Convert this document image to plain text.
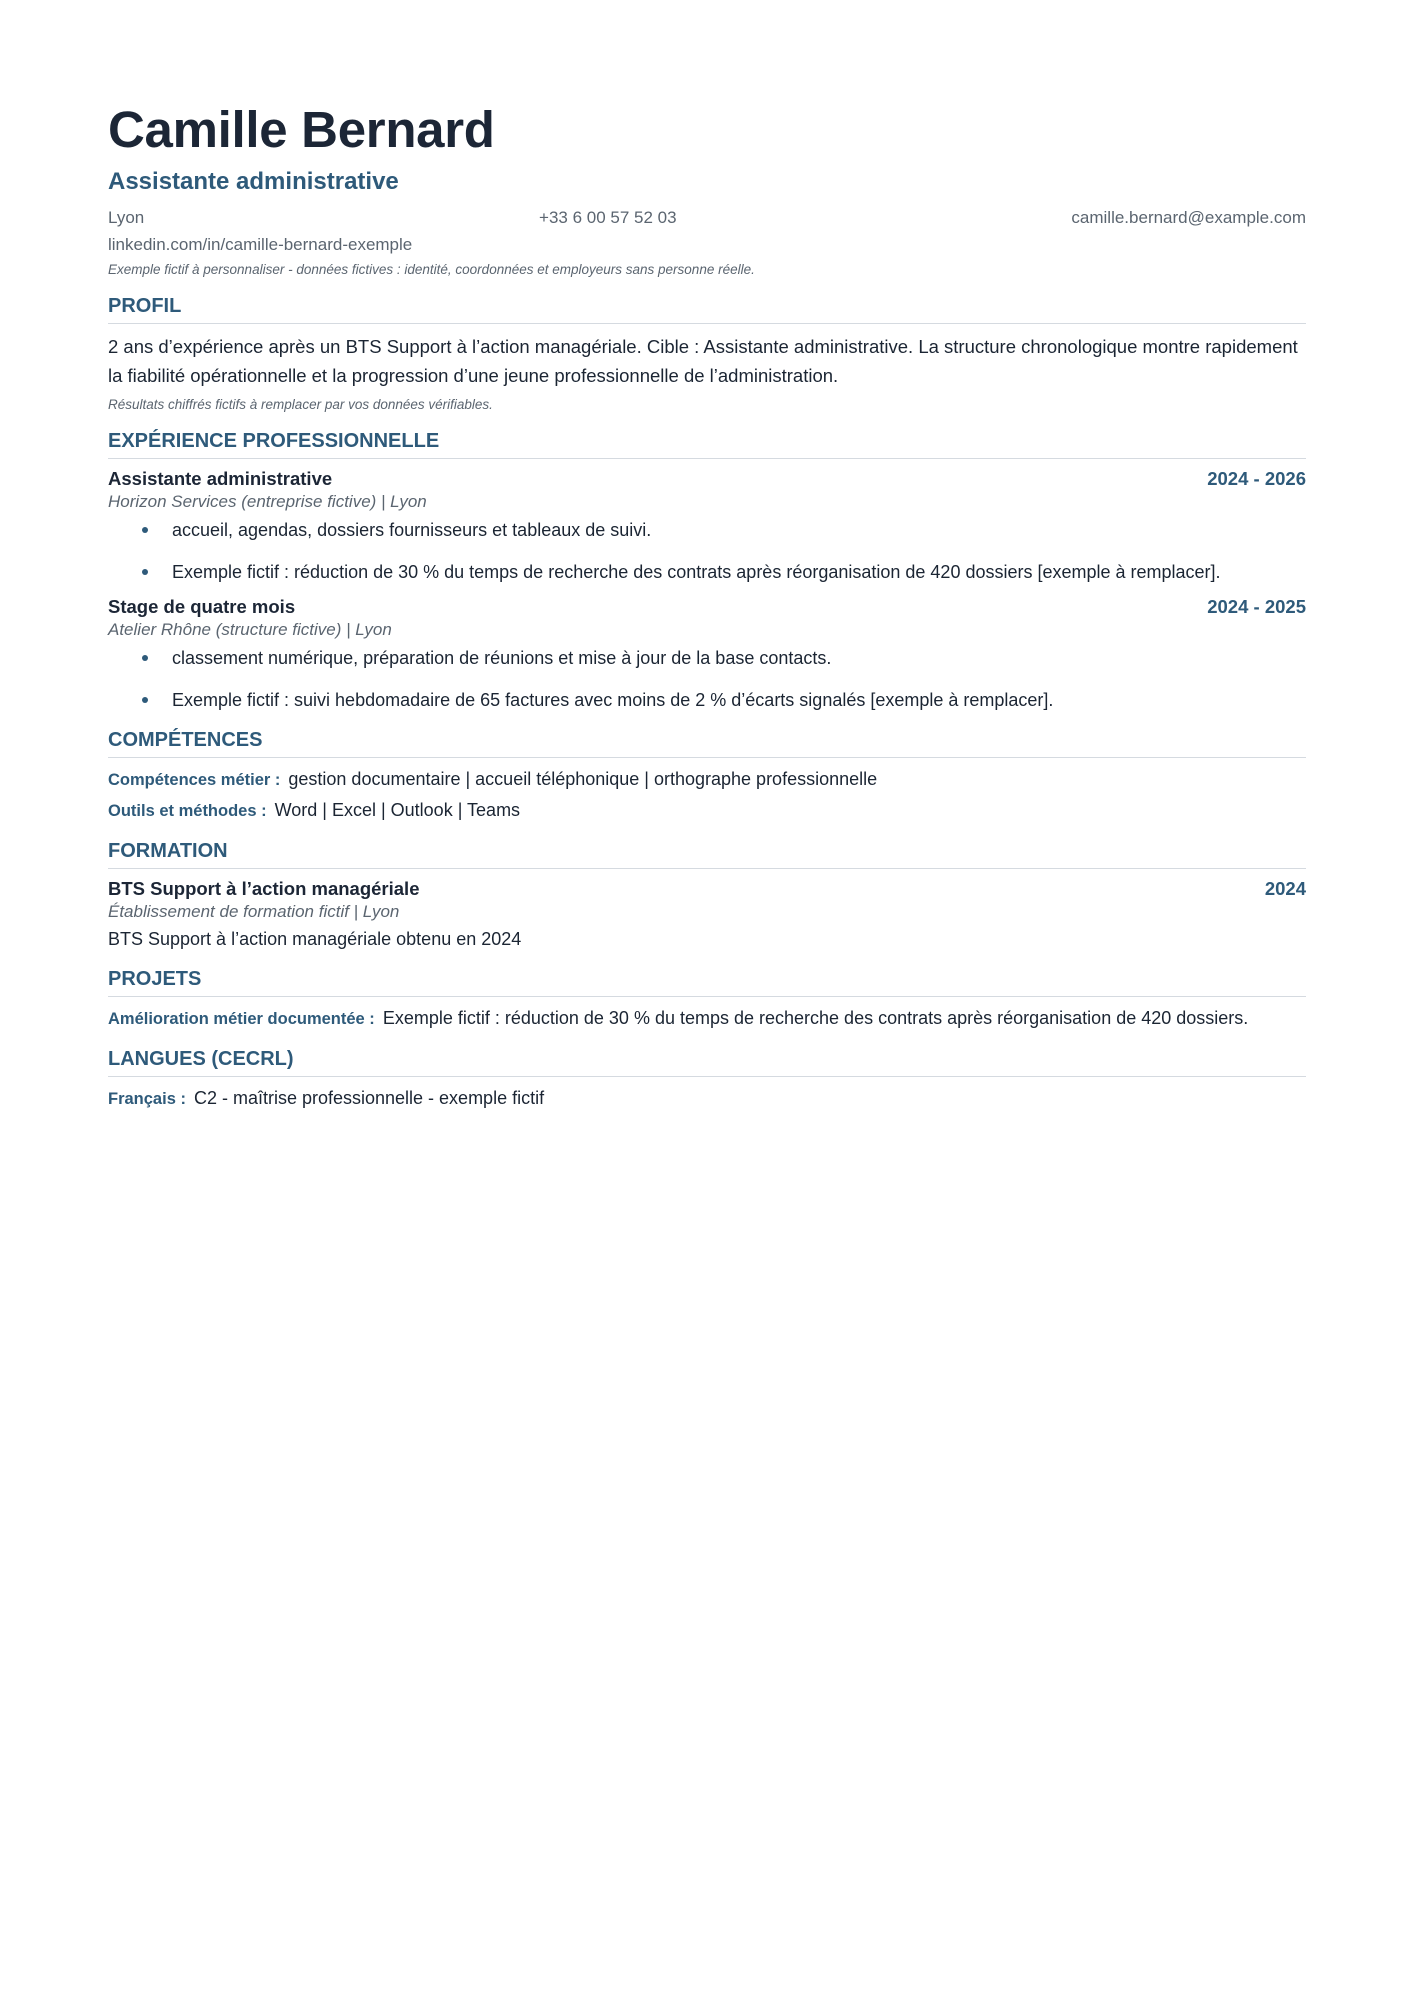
Camille Bernard
Assistante administrative
Lyon	+33 6 00 57 52 03	camille.bernard@example.com
linkedin.com/in/camille-bernard-exemple
Exemple fictif à personnaliser - données fictives : identité, coordonnées et employeurs sans personne réelle.
PROFIL

2 ans d’expérience après un BTS Support à l’action managériale. Cible : Assistante administrative. La structure chronologique montre rapidement la fiabilité opérationnelle et la progression d’une jeune professionnelle de l’administration.

Résultats chiffrés fictifs à remplacer par vos données vérifiables.

EXPÉRIENCE PROFESSIONNELLE
Assistante administrative	2024 - 2026
Horizon Services (entreprise fictive) | Lyon
accueil, agendas, dossiers fournisseurs et tableaux de suivi.
Exemple fictif : réduction de 30 % du temps de recherche des contrats après réorganisation de 420 dossiers [exemple à remplacer].
Stage de quatre mois	2024 - 2025
Atelier Rhône (structure fictive) | Lyon
classement numérique, préparation de réunions et mise à jour de la base contacts.
Exemple fictif : suivi hebdomadaire de 65 factures avec moins de 2 % d’écarts signalés [exemple à remplacer].
COMPÉTENCES
Compétences métier : gestion documentaire | accueil téléphonique | orthographe professionnelle
Outils et méthodes : Word | Excel | Outlook | Teams
FORMATION
BTS Support à l’action managériale	2024
Établissement de formation fictif | Lyon
BTS Support à l’action managériale obtenu en 2024
PROJETS
Amélioration métier documentée : Exemple fictif : réduction de 30 % du temps de recherche des contrats après réorganisation de 420 dossiers.
LANGUES (CECRL)
Français : C2 - maîtrise professionnelle - exemple fictif
